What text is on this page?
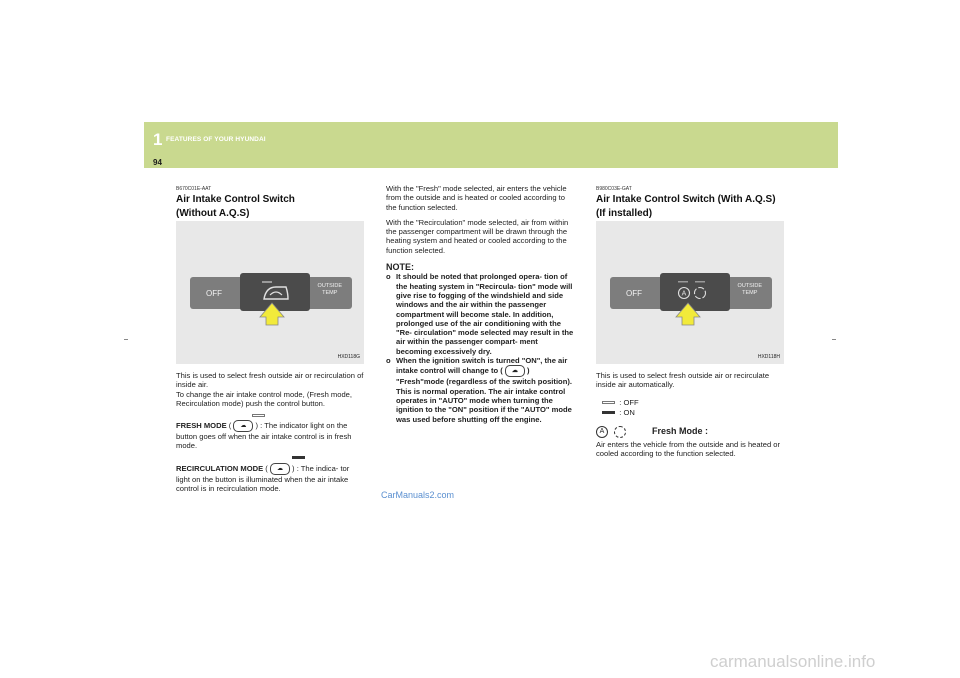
1 FEATURES OF YOUR HYUNDAI
94
B670C01E-AAT
Air Intake Control Switch
(Without A.Q.S)
OFF
OUTSIDE
TEMP
HXD118G

This is used to select fresh outside air or recirculation of inside air.

To change the air intake control mode, (Fresh mode, Recirculation mode) push the control button.

FRESH MODE ( ☁ ) : The indicator light on the button goes off when the air intake control is in fresh mode.

RECIRCULATION MODE ( ☁ ) : The indica- tor light on the button is illuminated when the air intake control is in recirculation mode.

With the "Fresh" mode selected, air enters the vehicle from the outside and is heated or cooled according to the function selected.

With the "Recirculation" mode selected, air from within the passenger compartment will be drawn through the heating system and heated or cooled according to the function selected.

NOTE:
o It should be noted that prolonged opera- tion of the heating system in "Recircula- tion" mode will give rise to fogging of the windshield and side windows and the air within the passenger compartment will become stale. In addition, prolonged use of the air conditioning with the "Re- circulation" mode selected may result in the air within the passenger compart- ment becoming excessively dry.
o When the ignition switch is turned "ON", the air intake control will change to ( ☁ ) "Fresh"mode (regardless of the switch position). This is normal operation. The air intake control operates in "AUTO" mode when turning the ignition to the "ON" position if the "AUTO" mode was used before shutting off the engine.
B980C03E-GAT
Air Intake Control Switch (With A.Q.S)
(If installed)
OFF	A
OUTSIDE
TEMP
HXD118H

This is used to select fresh outside air or recirculate inside air automatically.

: OFF
: ON
A	Fresh Mode :

Air enters the vehicle from the outside and is heated or cooled according to the function selected.

CarManuals2.com
carmanualsonline.info
